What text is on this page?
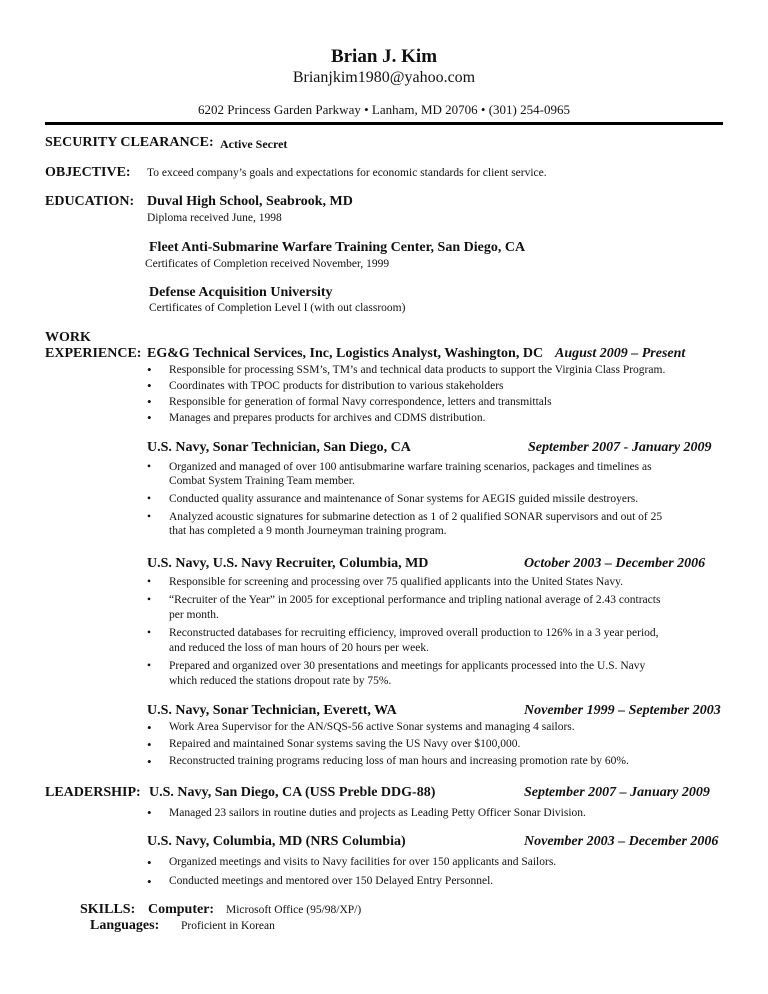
Brian J. Kim
Brianjkim1980@yahoo.com
6202 Princess Garden Parkway • Lanham, MD 20706 • (301) 254-0965
SECURITY CLEARANCE: Active Secret
OBJECTIVE: To exceed company’s goals and expectations for economic standards for client service.
EDUCATION: Duval High School, Seabrook, MD
Diploma received June, 1998
Fleet Anti-Submarine Warfare Training Center, San Diego, CA
Certificates of Completion received November, 1999
Defense Acquisition University
Certificates of Completion Level I (with out classroom)
WORK
EXPERIENCE: EG&G Technical Services, Inc, Logistics Analyst, Washington, DC August 2009 – Present
• Responsible for processing SSM’s, TM’s and technical data products to support the Virginia Class Program.
• Coordinates with TPOC products for distribution to various stakeholders
• Responsible for generation of formal Navy correspondence, letters and transmittals
• Manages and prepares products for archives and CDMS distribution.
U.S. Navy, Sonar Technician, San Diego, CA	September 2007 - January 2009
• Organized and managed of over 100 antisubmarine warfare training scenarios, packages and timelines as
Combat System Training Team member.
• Conducted quality assurance and maintenance of Sonar systems for AEGIS guided missile destroyers.
• Analyzed acoustic signatures for submarine detection as 1 of 2 qualified SONAR supervisors and out of 25
that has completed a 9 month Journeyman training program.
U.S. Navy, U.S. Navy Recruiter, Columbia, MD	October 2003 – December 2006
• Responsible for screening and processing over 75 qualified applicants into the United States Navy.
• “Recruiter of the Year” in 2005 for exceptional performance and tripling national average of 2.43 contracts
per month.
• Reconstructed databases for recruiting efficiency, improved overall production to 126% in a 3 year period,
and reduced the loss of man hours of 20 hours per week.
• Prepared and organized over 30 presentations and meetings for applicants processed into the U.S. Navy
which reduced the stations dropout rate by 75%.
U.S. Navy, Sonar Technician, Everett, WA	November 1999 – September 2003
• Work Area Supervisor for the AN/SQS-56 active Sonar systems and managing 4 sailors.
• Repaired and maintained Sonar systems saving the US Navy over $100,000.
• Reconstructed training programs reducing loss of man hours and increasing promotion rate by 60%.
LEADERSHIP: U.S. Navy, San Diego, CA (USS Preble DDG-88)	September 2007 – January 2009
• Managed 23 sailors in routine duties and projects as Leading Petty Officer Sonar Division.
U.S. Navy, Columbia, MD (NRS Columbia)	November 2003 – December 2006
• Organized meetings and visits to Navy facilities for over 150 applicants and Sailors.
• Conducted meetings and mentored over 150 Delayed Entry Personnel.
SKILLS: Computer: Microsoft Office (95/98/XP/)
Languages: Proficient in Korean
